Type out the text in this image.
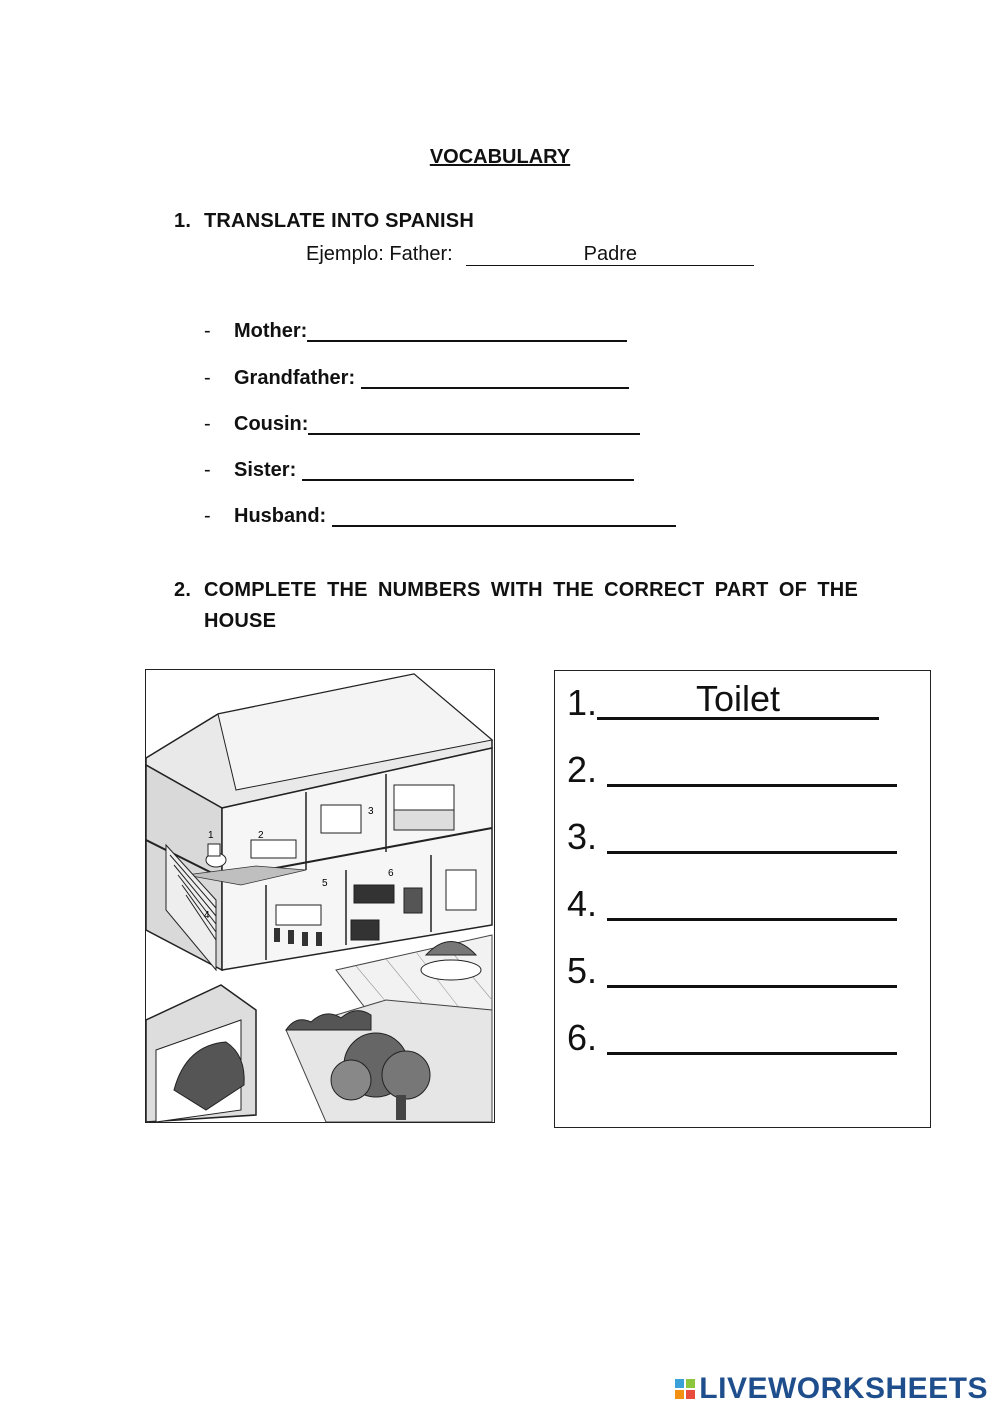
VOCABULARY
1. TRANSLATE INTO SPANISH
Ejemplo: Father:	Padre
- Mother:
- Grandfather:
- Cousin:
- Sister:
- Husband:
2. COMPLETE THE NUMBERS WITH THE CORRECT PART OF THE
HOUSE
1	2
3
4
5
6
1.	Toilet
2.
3.
4.
5.
6.
LIVEWORKSHEETS
